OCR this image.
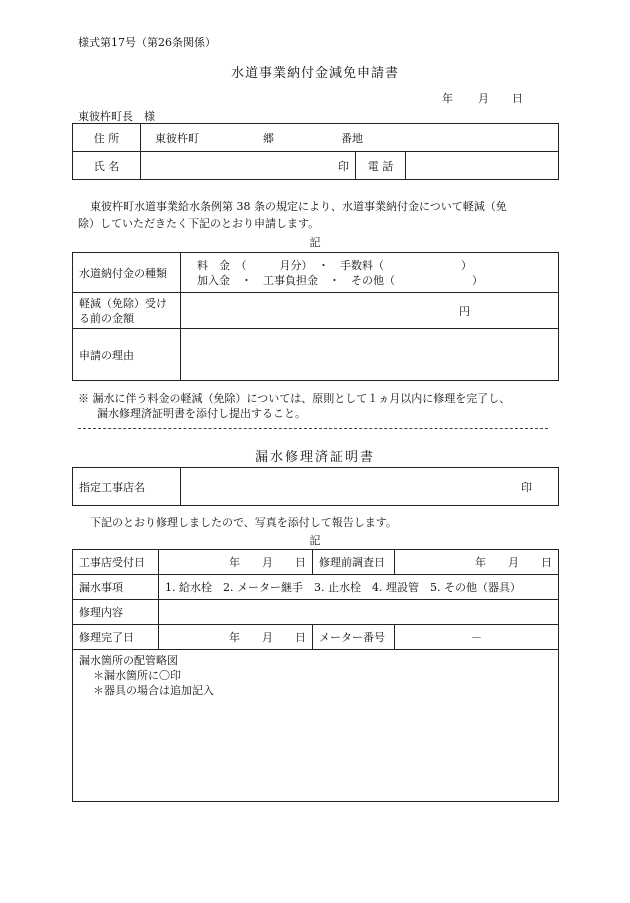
様式第17号（第26条関係）
水道事業納付金減免申請書
年 月 日
東彼杵町長　様
住 所	東彼杵町 郷 番地		

氏 名	印	電 話	
東彼杵町水道事業給水条例第 38 条の規定により、水道事業納付金について軽減（免
除）していただきたく下記のとおり申請します。
記
水道納付金の種類	料　金　（　　　月分）　・　手数料（　　　　　　　）
加入金　・　工事負担金　・　その他（　　　　　　　）

軽減（免除）受け
る前の金額	円

申請の理由	
※ 漏水に伴う料金の軽減（免除）については、原則として１ヵ月以内に修理を完了し、
漏水修理済証明書を添付し提出すること。
漏水修理済証明書
指定工事店名	印
下記のとおり修理しましたので、写真を添付して報告します。
記
工事店受付日	年　　月　　日	修理前調査日	年　　月　　日
漏水事項	1. 給水栓　2. メーター継手　3. 止水栓　4. 埋設管　5. その他（器具）		
修理内容			
修理完了日	年　　月　　日	メーター番号	－

漏水箇所の配管略図
＊漏水箇所に〇印
＊器具の場合は追加記入			
